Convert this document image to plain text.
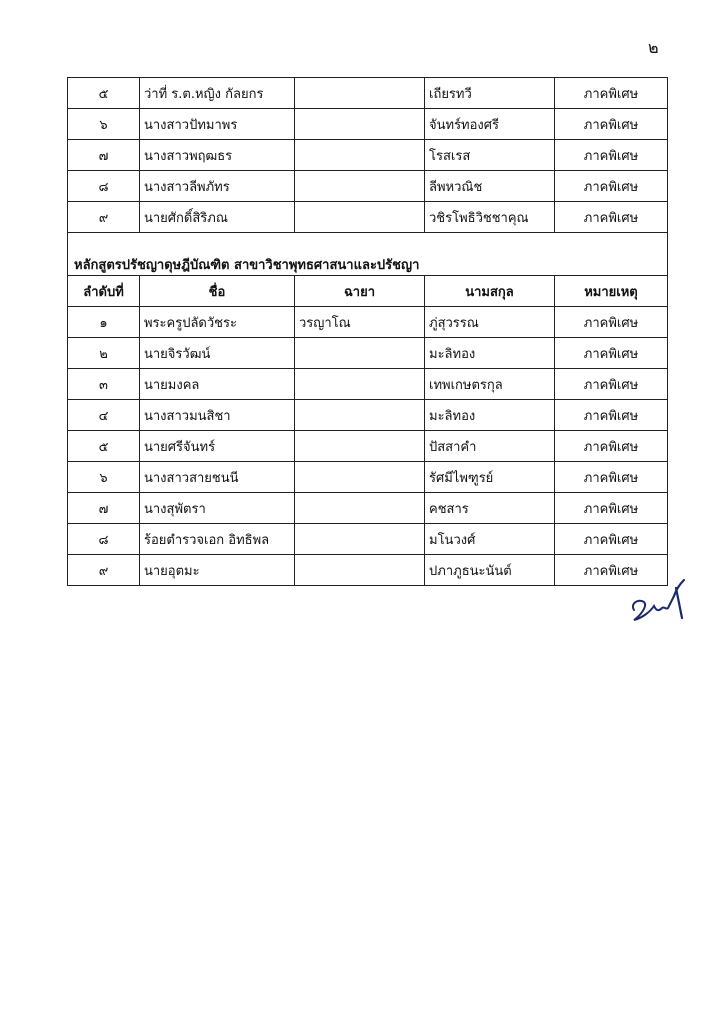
๒
๕	ว่าที่ ร.ต.หญิง กัลยกร		เถียรทวี	ภาคพิเศษ
๖	นางสาวปัทมาพร		จันทร์ทองศรี	ภาคพิเศษ
๗	นางสาวพฤฒธร		โรสเรส	ภาคพิเศษ
๘	นางสาวลีพภัทร		ลีพหวณิช	ภาคพิเศษ
๙	นายศักดิ์สิริภณ		วชิรโพธิวิชชาคุณ	ภาคพิเศษ
หลักสูตรปรัชญาดุษฎีบัณฑิต สาขาวิชาพุทธศาสนาและปรัชญา				
ลำดับที่	ชื่อ	ฉายา	นามสกุล	หมายเหตุ
๑	พระครูปลัดวัชระ	วรญาโณ	ภู่สุวรรณ	ภาคพิเศษ
๒	นายจิรวัฒน์		มะลิทอง	ภาคพิเศษ
๓	นายมงคล		เทพเกษตรกุล	ภาคพิเศษ
๔	นางสาวมนสิชา		มะลิทอง	ภาคพิเศษ
๕	นายศรีจันทร์		ปัสสาคำ	ภาคพิเศษ
๖	นางสาวสายชนนี		รัศมีไพฑูรย์	ภาคพิเศษ
๗	นางสุพัตรา		คชสาร	ภาคพิเศษ
๘	ร้อยตำรวจเอก อิทธิพล		มโนวงศ์	ภาคพิเศษ
๙	นายอุตมะ		ปภาภูธนะนันต์	ภาคพิเศษ
